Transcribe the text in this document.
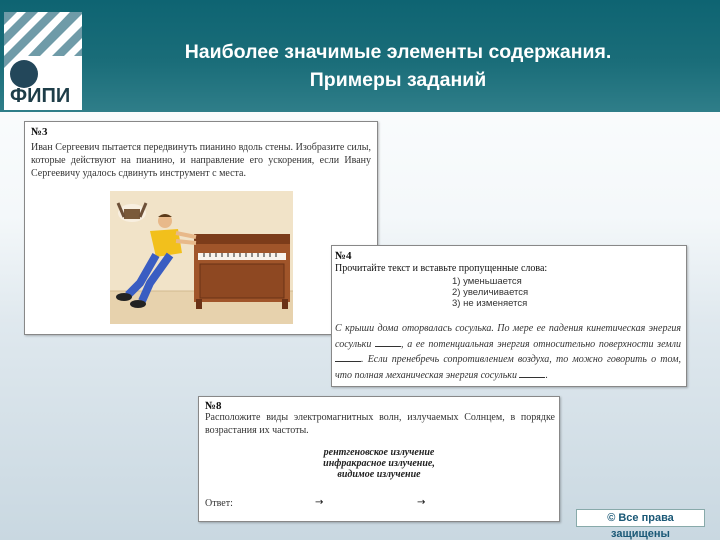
ФИПИ
Наиболее значимые элементы содержания.
Примеры заданий
№3
Иван Сергеевич пытается передвинуть пианино вдоль стены. Изобразите силы, которые действуют на пианино, и направление его ускорения, если Ивану Сергеевичу удалось сдвинуть инструмент с места.
№4
Прочитайте текст и вставьте пропущенные слова:
1) уменьшается
2) увеличивается
3) не изменяется
С крыши дома оторвалась сосулька. По мере ее падения кинетическая энергия сосульки	, а ее потенциальная энергия относительно поверхности земли . Если пренебречь сопротивлением воздуха, то можно говорить о том, что полная механическая энергия сосульки	.
№8
Расположите виды электромагнитных волн, излучаемых Солнцем, в порядке возрастания их частоты.
рентгеновское излучение
инфракрасное излучение,
видимое излучение
Ответ:	→	→
© Все права защищены
